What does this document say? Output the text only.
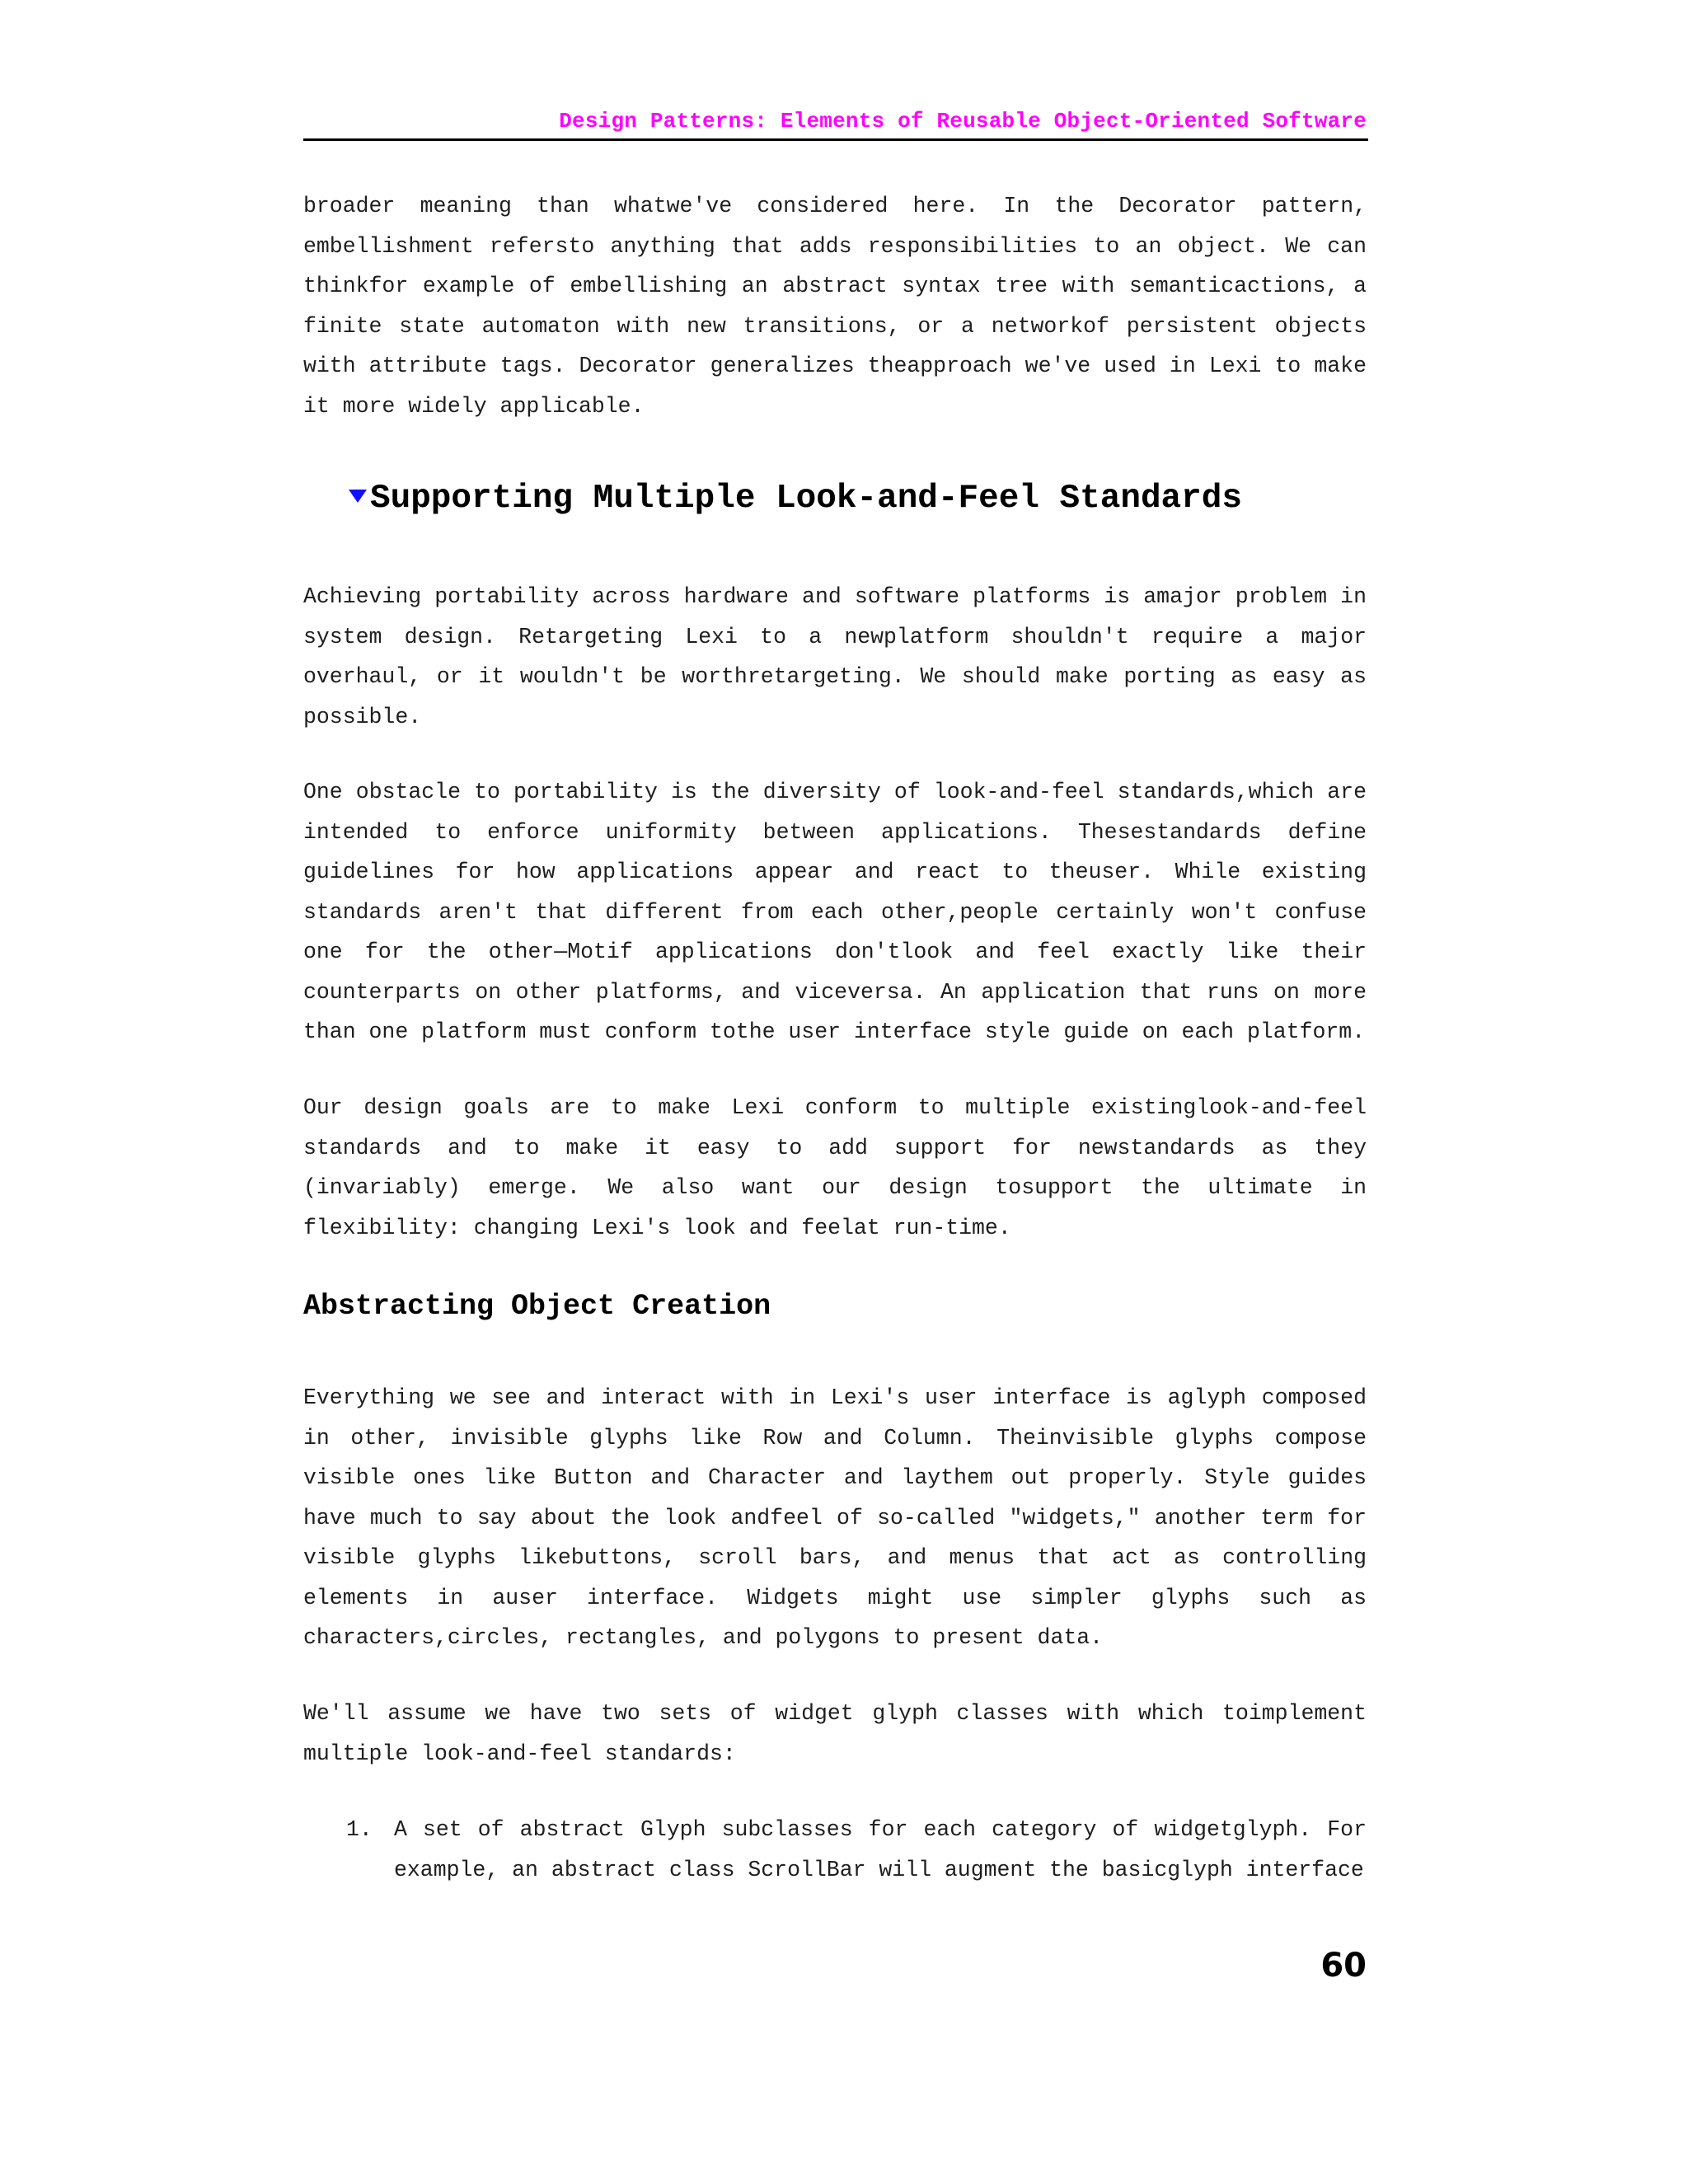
Design Patterns: Elements of Reusable Object-Oriented Software

broader meaning than whatwe've considered here. In the Decorator pattern, embellishment refersto anything that adds responsibilities to an object. We can thinkfor example of embellishing an abstract syntax tree with semanticactions, a finite state automaton with new transitions, or a networkof persistent objects with attribute tags. Decorator generalizes theapproach we've used in Lexi to make it more widely applicable.

Supporting Multiple Look-and-Feel Standards

Achieving portability across hardware and software platforms is amajor problem in system design. Retargeting Lexi to a newplatform shouldn't require a major overhaul, or it wouldn't be worthretargeting. We should make porting as easy as possible.

One obstacle to portability is the diversity of look-and-feel standards,which are intended to enforce uniformity between applications. Thesestandards define guidelines for how applications appear and react to theuser. While existing standards aren't that different from each other,people certainly won't confuse one for the other—Motif applications don'tlook and feel exactly like their counterparts on other platforms, and viceversa. An application that runs on more than one platform must conform tothe user interface style guide on each platform.

Our design goals are to make Lexi conform to multiple existinglook-and-feel standards and to make it easy to add support for newstandards as they (invariably) emerge. We also want our design tosupport the ultimate in flexibility: changing Lexi's look and feelat run-time.

Abstracting Object Creation

Everything we see and interact with in Lexi's user interface is aglyph composed in other, invisible glyphs like Row and Column. Theinvisible glyphs compose visible ones like Button and Character and laythem out properly. Style guides have much to say about the look andfeel of so-called "widgets," another term for visible glyphs likebuttons, scroll bars, and menus that act as controlling elements in auser interface. Widgets might use simpler glyphs such as characters,circles, rectangles, and polygons to present data.

We'll assume we have two sets of widget glyph classes with which toimplement multiple look-and-feel standards:

1. A set of abstract Glyph subclasses for each category of widgetglyph. For example, an abstract class ScrollBar will augment the basicglyph interface
60
